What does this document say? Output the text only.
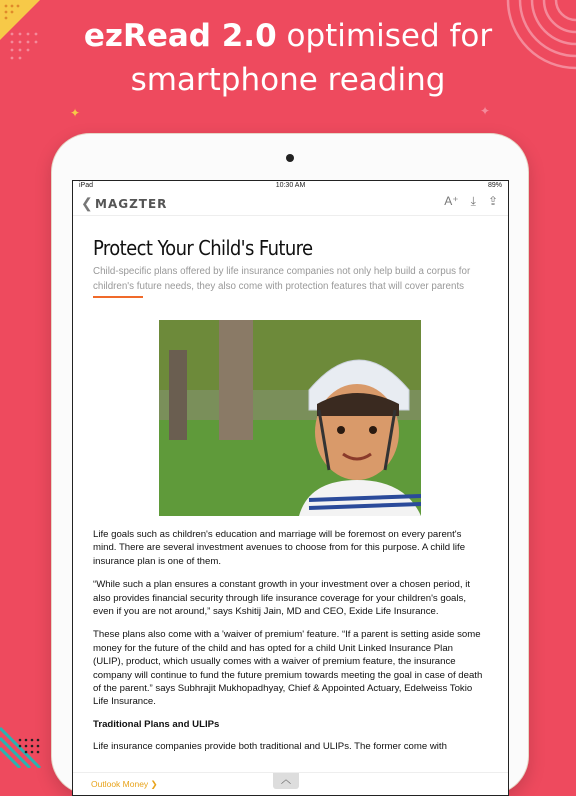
✦	✦
ezRead 2.0 optimised for
smartphone reading
iPad	10:30 AM	89%
❮ MAGZTER	A⁺ ⤓ ⇪
Protect Your Child's Future
Child-specific plans offered by life insurance companies not only help build a corpus for children's future needs, they also come with protection features that will cover parents

Life goals such as children's education and marriage will be foremost on every parent's mind. There are several investment avenues to choose from for this purpose. A child life insurance plan is one of them.

“While such a plan ensures a constant growth in your investment over a chosen period, it also provides financial security through life insurance coverage for your children's goals, even if you are not around,” says Kshitij Jain, MD and CEO, Exide Life Insurance.

These plans also come with a 'waiver of premium' feature. “If a parent is setting aside some money for the future of the child and has opted for a child Unit Linked Insurance Plan (ULIP), product, which usually comes with a waiver of premium feature, the insurance company will continue to fund the future premium towards meeting the goal in case of death of the parent.” says Subhrajit Mukhopadhyay, Chief & Appointed Actuary, Edelweiss Tokio Life Insurance.

Traditional Plans and ULIPs

Life insurance companies provide both traditional and ULIPs. The former come with

Outlook Money ❯	︿
